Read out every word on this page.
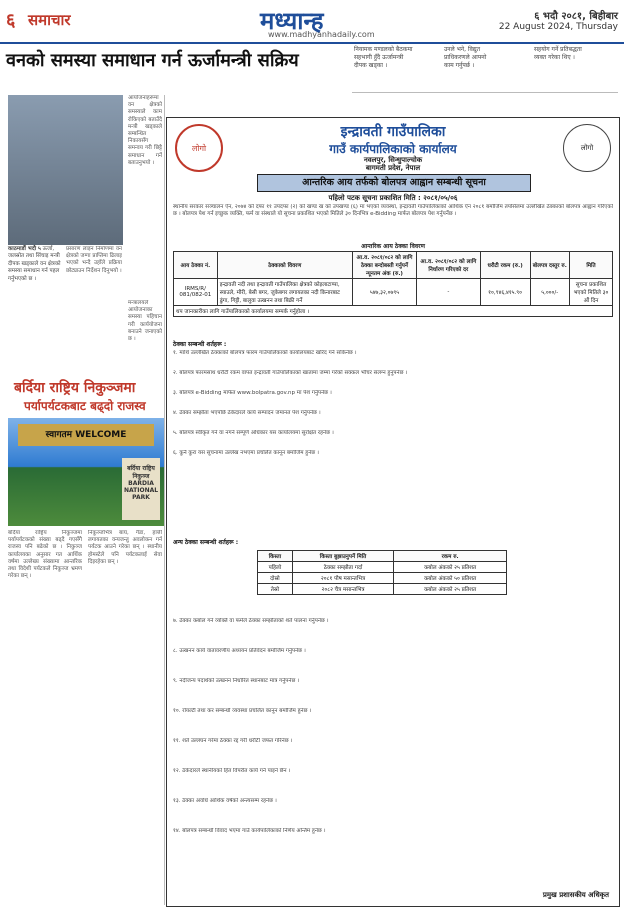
६ समाचार	मध्यान्ह
www.madhyanhadaily.com
६ भदौ २०८१, बिहीबार
22 August 2024, Thursday
नियामक मण्डलको बैठकमा
सहभागी हुँदै ऊर्जामन्त्री
दीपक खड्का ।
उनले भने, विद्युत
प्राधिकरणले आफ्नो
काम गर्नुपर्छ ।
सहयोग गर्ने प्रतिबद्धता
व्यक्त गरेका थिए ।
वनको समस्या समाधान गर्न ऊर्जामन्त्री सक्रिय
आयोजनाहरूमा वन क्षेत्रको समस्याले काम रोकिएको बताउँदै मन्त्री खड्काले सम्बन्धित निकायसँग समन्वय गरी छिट्टै समाधान गर्ने बताउनुभयो ।
काठमाडौं भदौ ५ ऊर्जा, जलस्रोत तथा सिंचाइ मन्त्री दीपक खड्काले वन क्षेत्रको समस्या समाधान गर्न पहल गर्नुभएको छ ।
प्रसारण लाइन निर्माणमा वन क्षेत्रको जग्गा प्राप्तिमा ढिलाइ भएको भन्दै उहाँले प्रक्रिया छोट्याउन निर्देशन दिनुभयो ।
मन्त्रालयले आयोजनाका समस्या पहिचान गरी कार्ययोजना बनाउने जनाएको छ ।
बर्दिया राष्ट्रिय निकुञ्जमा
पर्यापर्यटकबाट बढ्दो राजस्व
स्वागतम WELCOME
बर्दिया राष्ट्रिय निकुञ्ज BARDIA NATIONAL PARK
बर्दिया राष्ट्रिय निकुञ्जमा पर्यापर्यटकको संख्या बढ्दै गएसँगै राजस्व पनि बढेको छ । निकुञ्ज कार्यालयका अनुसार गत आर्थिक वर्षमा उल्लेख्य संख्यामा आन्तरिक तथा विदेशी पर्यटकले निकुञ्ज भ्रमण गरेका छन् ।
निकुञ्जभित्र बाघ, गैँडा, हात्ती लगायतका वन्यजन्तु अवलोकन गर्न पर्यटक आउने गरेका छन् । स्थानीय होमस्टेले पनि पर्यटकलाई सेवा दिइरहेका छन् ।
लोगो	लोगो
इन्द्रावती गाउँपालिका
गाउँ कार्यपालिकाको कार्यालय
नवलपुर, सिन्धुपाल्चोक
बागमती प्रदेश, नेपाल
आन्तरिक आय तर्फको बोलपत्र आह्वान सम्बन्धी सूचना
पहिलो पटक सूचना प्रकाशित मिति : २०८१/०५/०६
स्थानीय सरकार सञ्चालन ऐन, २०७४ को दफा ११ उपदफा (२) को खण्ड ख को उपखण्ड (६) मा भएको व्यवस्था, इन्द्रावती गाउँपालिकाको आर्थिक ऐन २०८१ बमोजिम तपसिलमा उल्लेखित ठेक्काको बोलपत्र आह्वान गरिएको छ । बोलपत्र पेश गर्न इच्छुक व्यक्ति, फर्म वा संस्थाले यो सूचना प्रकाशित भएको मितिले ३० दिनभित्र e-Bidding मार्फत बोलपत्र पेश गर्नुपर्नेछ ।
आन्तरिक आय ठेक्का विवरण
आय ठेक्का नं.	ठेक्काको विवरण	आ.व. २०८१/०८२ को लागि ठेक्का बन्दोबस्ती गर्नुपर्ने न्यूनतम अंक (रु.)	आ.व. २०८१/०८२ को लागि निर्धारण गरिएको दर	धरौटी रकम (रु.)	बोलपत्र दस्तुर रु.	मिति
IRMS/R/ 081/082-01	इन्द्रावती नदी तथा इन्द्रावती गाउँपालिका क्षेत्रको कोइलाटाप्पा, स्याउले, मौरी, बेसी बगर, जुकेबगर लगायतका नदी किनारबाट ढुंगा, गिट्टी, बालुवा उत्खनन तथा बिक्री गर्ने	५४७,३२,०७९५	-	१०,९४६,४१५.९०	५,०००/-	सूचना प्रकाशित भएको मितिले ३० औं दिन
थप जानकारीका लागि गाउँपालिकाको कार्यालयमा सम्पर्क गर्नुहोला ।						
ठेक्का सम्बन्धी शर्तहरू :
१. माथि उल्लेखित ठेक्काको बोलपत्र फारम गाउँपालिकाको कार्यालयबाट खरिद गर्न सकिनेछ ।
२. बोलपत्र फारमसाथ धरौटी रकम वापत इन्द्रावती गाउँपालिकाको खातामा जम्मा गरेको सक्कल भौचर संलग्न हुनुपर्नेछ ।
३. बोलपत्र e-Bidding मार्फत www.bolpatra.gov.np मा पेश गर्नुपर्नेछ ।
४. ठेक्का सम्झौता भएपछि ठेकेदारले कार्य सम्पादन जमानत पेश गर्नुपर्नेछ ।
५. बोलपत्र स्वीकृत गर्ने वा नगर्ने सम्पूर्ण अधिकार यस कार्यालयमा सुरक्षित रहनेछ ।
६. कुनै कुरा यस सूचनामा उल्लेख नभएमा प्रचलित कानून बमोजिम हुनेछ ।
अन्य ठेक्का सम्बन्धी शर्तहरू :
किस्ता	किस्ता बुझाउनुपर्ने मिति	रकम रु.
पहिलो	ठेक्का सम्झौता गर्दा	कबोल अंकको २५ प्रतिशत
दोस्रो	२०८१ पौष मसान्तभित्र	कबोल अंकको ५० प्रतिशत
तेस्रो	२०८२ चैत्र मसान्तभित्र	कबोल अंकको २५ प्रतिशत
७. ठेक्का कबोल गर्ने व्यक्ति वा फर्मले ठेक्का सम्झौताको शर्त पालना गर्नुपर्नेछ ।
८. उत्खनन कार्य वातावरणीय अध्ययन प्रतिवेदन बमोजिम गर्नुपर्नेछ ।
९. नदीजन्य पदार्थको उत्खनन निर्धारित स्थानबाट मात्र गर्नुपर्नेछ ।
१०. रोयल्टी तथा कर सम्बन्धी व्यवस्था प्रचलित कानून बमोजिम हुनेछ ।
११. शर्त उल्लंघन गरेमा ठेक्का रद्द गरी धरौटी जफत गरिनेछ ।
१२. ठेकेदारले स्थानीयको हित विपरीत कार्य गर्न पाइने छैन ।
१३. ठेक्का अवधि आर्थिक वर्षको अन्त्यसम्म रहनेछ ।
१४. बोलपत्र सम्बन्धी विवाद भएमा गाउँ कार्यपालिकाको निर्णय अन्तिम हुनेछ ।
प्रमुख प्रशासकीय अधिकृत
